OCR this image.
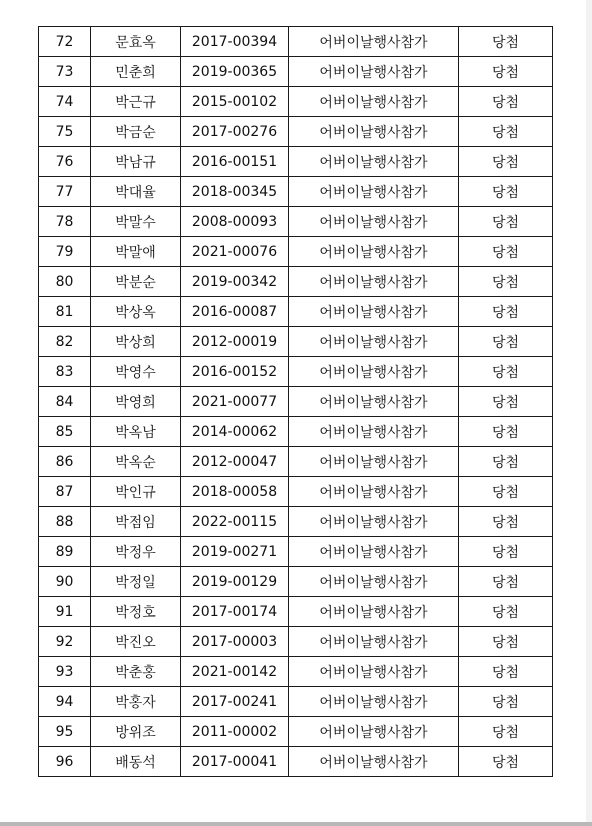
72	문효옥	2017-00394	어버이날행사참가	당첨
73	민춘희	2019-00365	어버이날행사참가	당첨
74	박근규	2015-00102	어버이날행사참가	당첨
75	박금순	2017-00276	어버이날행사참가	당첨
76	박남규	2016-00151	어버이날행사참가	당첨
77	박대율	2018-00345	어버이날행사참가	당첨
78	박말수	2008-00093	어버이날행사참가	당첨
79	박말애	2021-00076	어버이날행사참가	당첨
80	박분순	2019-00342	어버이날행사참가	당첨
81	박상옥	2016-00087	어버이날행사참가	당첨
82	박상희	2012-00019	어버이날행사참가	당첨
83	박영수	2016-00152	어버이날행사참가	당첨
84	박영희	2021-00077	어버이날행사참가	당첨
85	박옥남	2014-00062	어버이날행사참가	당첨
86	박옥순	2012-00047	어버이날행사참가	당첨
87	박인규	2018-00058	어버이날행사참가	당첨
88	박점임	2022-00115	어버이날행사참가	당첨
89	박정우	2019-00271	어버이날행사참가	당첨
90	박정일	2019-00129	어버이날행사참가	당첨
91	박정호	2017-00174	어버이날행사참가	당첨
92	박진오	2017-00003	어버이날행사참가	당첨
93	박춘홍	2021-00142	어버이날행사참가	당첨
94	박홍자	2017-00241	어버이날행사참가	당첨
95	방위조	2011-00002	어버이날행사참가	당첨
96	배동석	2017-00041	어버이날행사참가	당첨
